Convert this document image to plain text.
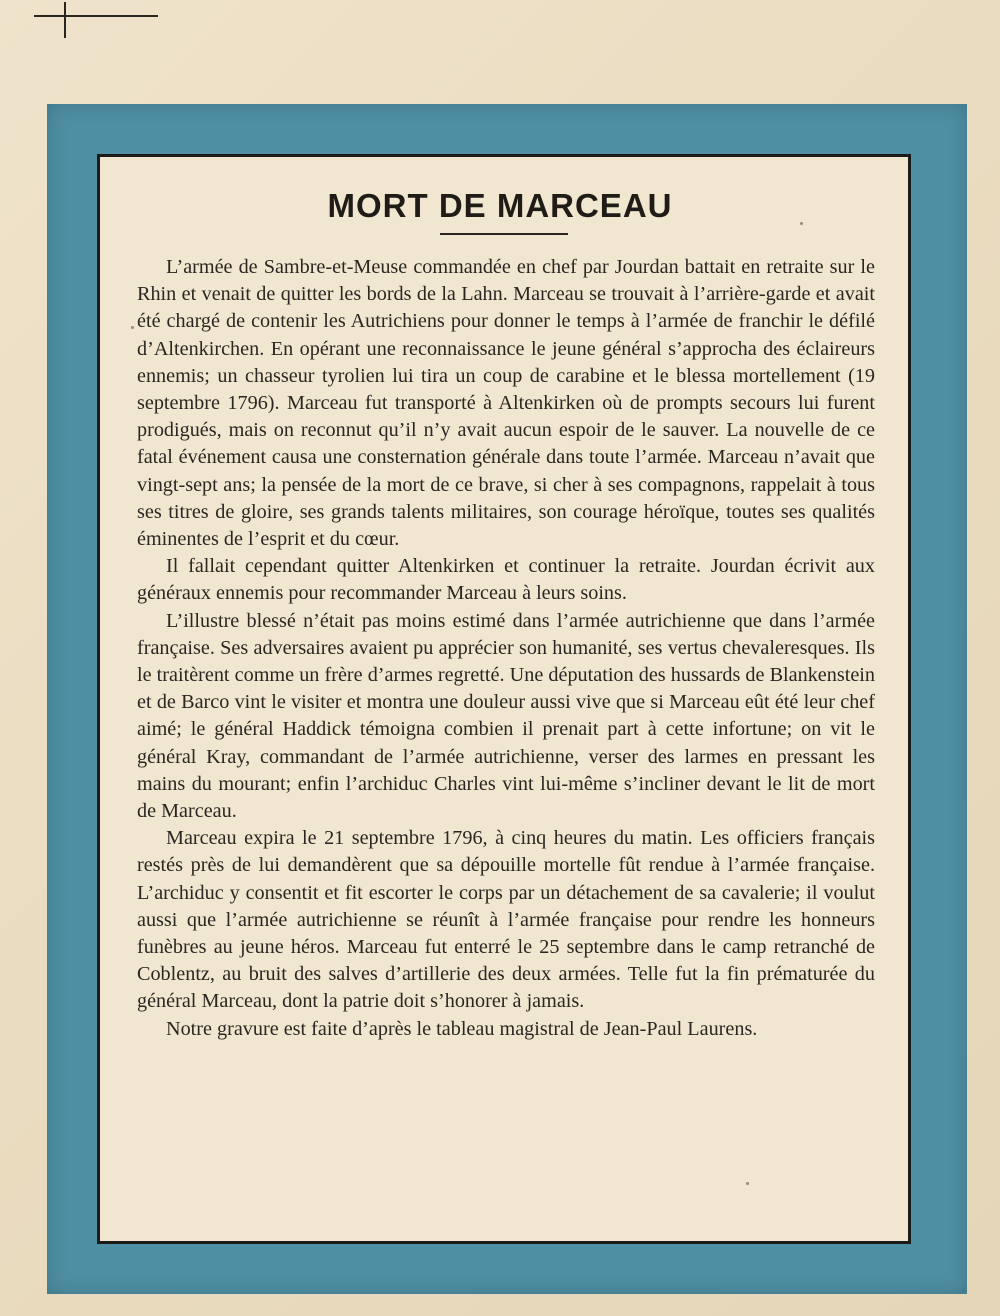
MORT DE MARCEAU

L’armée de Sambre-et-Meuse commandée en chef par Jourdan battait en retraite sur le Rhin et venait de quitter les bords de la Lahn. Marceau se trouvait à l’arrière-garde et avait été chargé de contenir les Autrichiens pour donner le temps à l’armée de franchir le défilé d’Altenkirchen. En opérant une reconnaissance le jeune général s’approcha des éclaireurs ennemis; un chasseur tyrolien lui tira un coup de carabine et le blessa mortellement (19 septembre 1796). Marceau fut transporté à Altenkirken où de prompts secours lui furent prodigués, mais on reconnut qu’il n’y avait aucun espoir de le sauver. La nouvelle de ce fatal événement causa une consternation générale dans toute l’armée. Marceau n’avait que vingt-sept ans; la pensée de la mort de ce brave, si cher à ses compagnons, rappelait à tous ses titres de gloire, ses grands talents militaires, son courage héroïque, toutes ses qualités éminentes de l’esprit et du cœur.

Il fallait cependant quitter Altenkirken et continuer la retraite. Jourdan écrivit aux généraux ennemis pour recommander Marceau à leurs soins.

L’illustre blessé n’était pas moins estimé dans l’armée autrichienne que dans l’armée française. Ses adversaires avaient pu apprécier son humanité, ses vertus chevaleresques. Ils le traitèrent comme un frère d’armes regretté. Une députation des hussards de Blankenstein et de Barco vint le visiter et montra une douleur aussi vive que si Marceau eût été leur chef aimé; le général Haddick témoigna combien il prenait part à cette infortune; on vit le général Kray, commandant de l’armée autrichienne, verser des larmes en pressant les mains du mourant; enfin l’archiduc Charles vint lui-même s’incliner devant le lit de mort de Marceau.

Marceau expira le 21 septembre 1796, à cinq heures du matin. Les officiers français restés près de lui demandèrent que sa dépouille mortelle fût rendue à l’armée française. L’archiduc y consentit et fit escorter le corps par un détachement de sa cavalerie; il voulut aussi que l’armée autrichienne se réunît à l’armée française pour rendre les honneurs funèbres au jeune héros. Marceau fut enterré le 25 septembre dans le camp retranché de Coblentz, au bruit des salves d’artillerie des deux armées. Telle fut la fin prématurée du général Marceau, dont la patrie doit s’honorer à jamais.

Notre gravure est faite d’après le tableau magistral de Jean-Paul Laurens.
